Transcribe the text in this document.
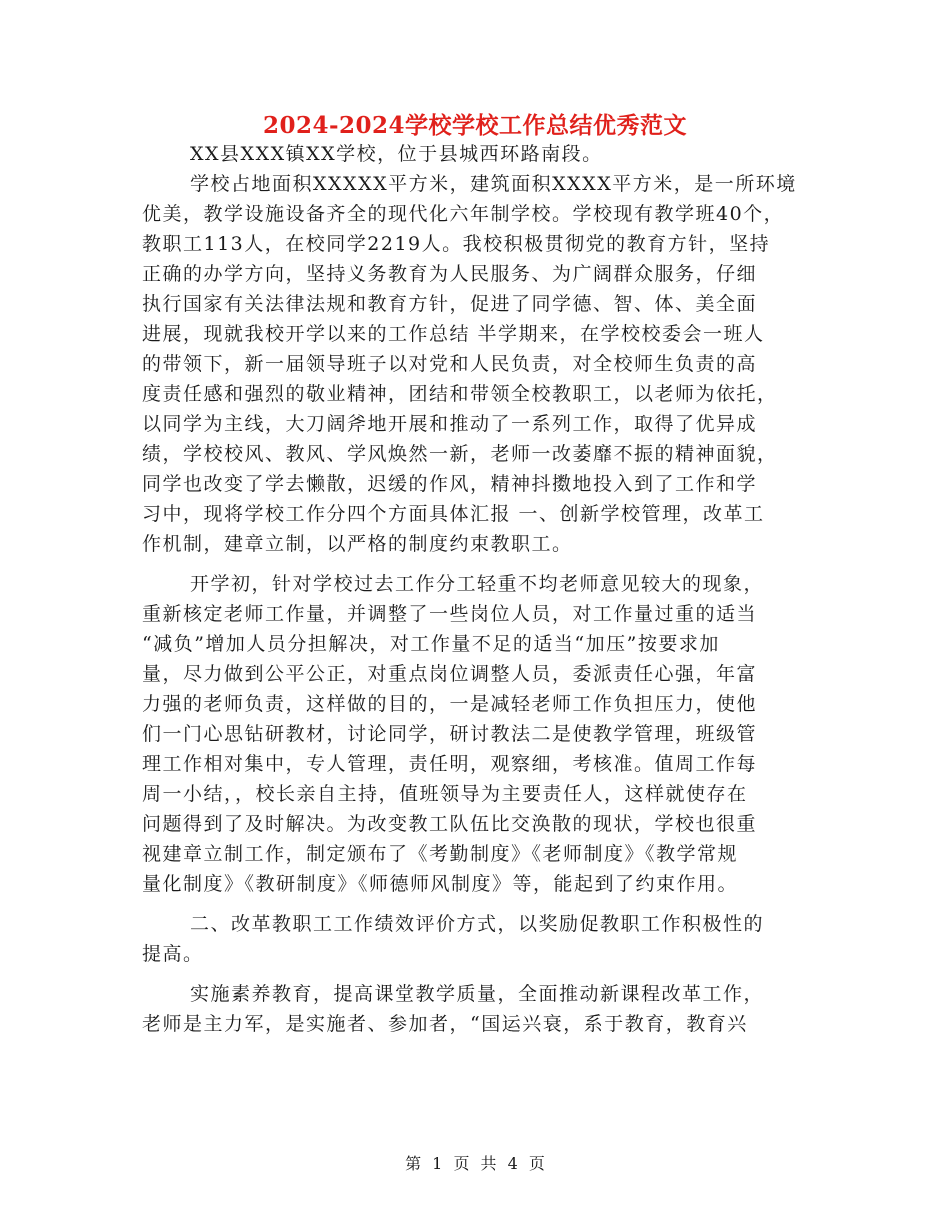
2024-2024学校学校工作总结优秀范文
XX县XXX镇XX学校，位于县城西环路南段。
学校占地面积XXXXX平方米，建筑面积XXXX平方米，是一所环境
优美，教学设施设备齐全的现代化六年制学校。学校现有教学班40个，
教职工113人，在校同学2219人。我校积极贯彻党的教育方针，坚持
正确的办学方向，坚持义务教育为人民服务、为广阔群众服务，仔细
执行国家有关法律法规和教育方针，促进了同学德、智、体、美全面
进展，现就我校开学以来的工作总结 半学期来，在学校校委会一班人
的带领下，新一届领导班子以对党和人民负责，对全校师生负责的高
度责任感和强烈的敬业精神，团结和带领全校教职工，以老师为依托，
以同学为主线，大刀阔斧地开展和推动了一系列工作，取得了优异成
绩，学校校风、教风、学风焕然一新，老师一改萎靡不振的精神面貌，
同学也改变了学去懒散，迟缓的作风，精神抖擞地投入到了工作和学
习中，现将学校工作分四个方面具体汇报 一、创新学校管理，改革工
作机制，建章立制，以严格的制度约束教职工。
开学初，针对学校过去工作分工轻重不均老师意见较大的现象，
重新核定老师工作量，并调整了一些岗位人员，对工作量过重的适当
“减负”增加人员分担解决，对工作量不足的适当“加压”按要求加
量，尽力做到公平公正，对重点岗位调整人员，委派责任心强，年富
力强的老师负责，这样做的目的，一是减轻老师工作负担压力，使他
们一门心思钻研教材，讨论同学，研讨教法二是使教学管理，班级管
理工作相对集中，专人管理，责任明，观察细，考核准。值周工作每
周一小结，，校长亲自主持，值班领导为主要责任人，这样就使存在
问题得到了及时解决。为改变教工队伍比交涣散的现状，学校也很重
视建章立制工作，制定颁布了《考勤制度》《老师制度》《教学常规
量化制度》《教研制度》《师德师风制度》等，能起到了约束作用。
二、改革教职工工作绩效评价方式，以奖励促教职工作积极性的
提高。
实施素养教育，提高课堂教学质量，全面推动新课程改革工作，
老师是主力军，是实施者、参加者，“国运兴衰，系于教育，教育兴
第 1 页 共 4 页
